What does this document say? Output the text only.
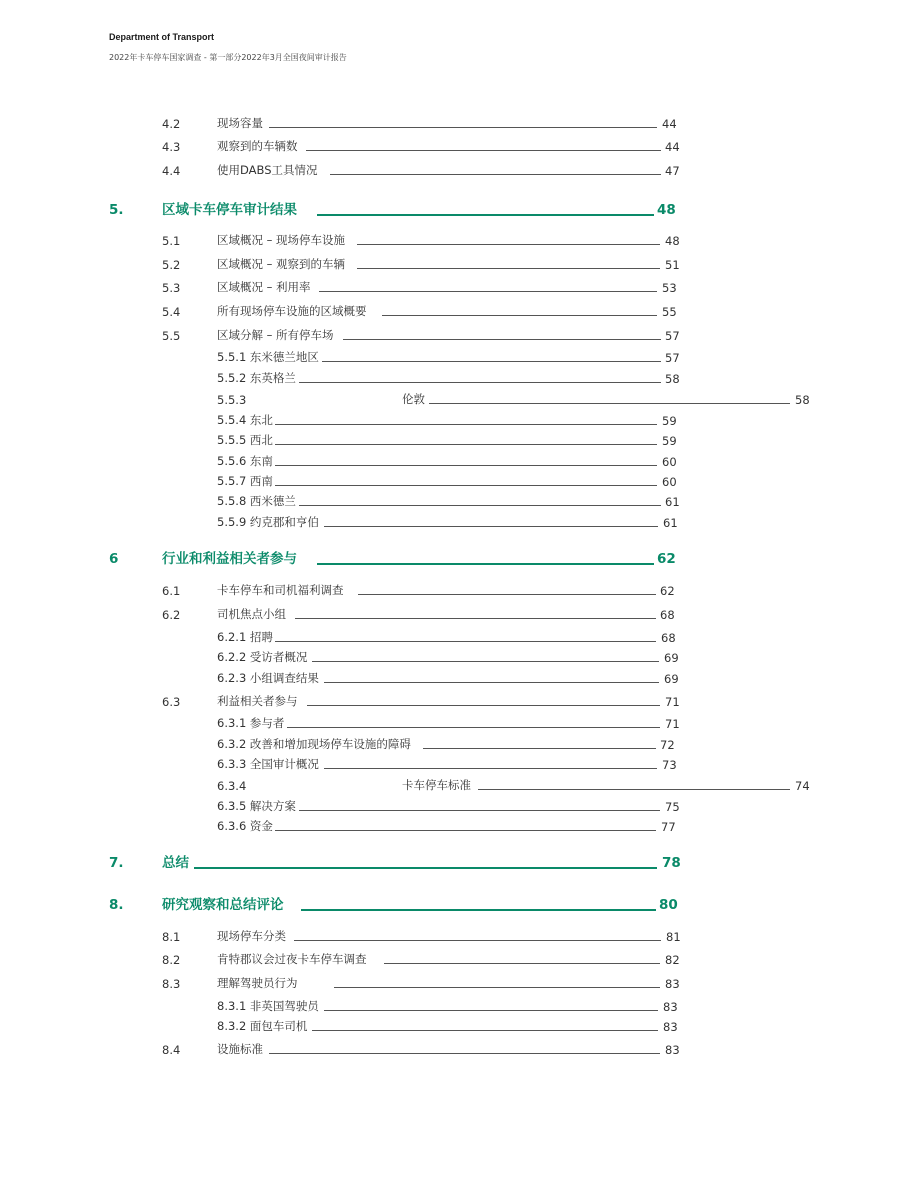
Department of Transport
2022年卡车停车国家调查 - 第一部分2022年3月全国夜间审计报告
4.2	现场容量	44
4.3	观察到的车辆数	44
4.4	使用DABS工具情况	47
5.	区域卡车停车审计结果	48
5.1	区域概况 – 现场停车设施	48
5.2	区域概况 – 观察到的车辆	51
5.3	区域概况 – 利用率	53
5.4	所有现场停车设施的区域概要	55
5.5	区域分解 – 所有停车场	57
5.5.1 东米德兰地区	57
5.5.2 东英格兰	58
5.5.3	伦敦	58
5.5.4 东北	59
5.5.5 西北	59
5.5.6 东南	60
5.5.7 西南	60
5.5.8 西米德兰	61
5.5.9 约克郡和亨伯	61
6	行业和利益相关者参与	62
6.1	卡车停车和司机福利调查	62
6.2	司机焦点小组	68
6.2.1 招聘	68
6.2.2 受访者概况	69
6.2.3 小组调查结果	69
6.3	利益相关者参与	71
6.3.1 参与者	71
6.3.2 改善和增加现场停车设施的障碍	72
6.3.3 全国审计概况	73
6.3.4	卡车停车标准	74
6.3.5 解决方案	75
6.3.6 资金	77
7.	总结	78
8.	研究观察和总结评论	80
8.1	现场停车分类	81
8.2	肯特郡议会过夜卡车停车调查	82
8.3	理解驾驶员行为	83
8.3.1 非英国驾驶员	83
8.3.2 面包车司机	83
8.4	设施标准	83
